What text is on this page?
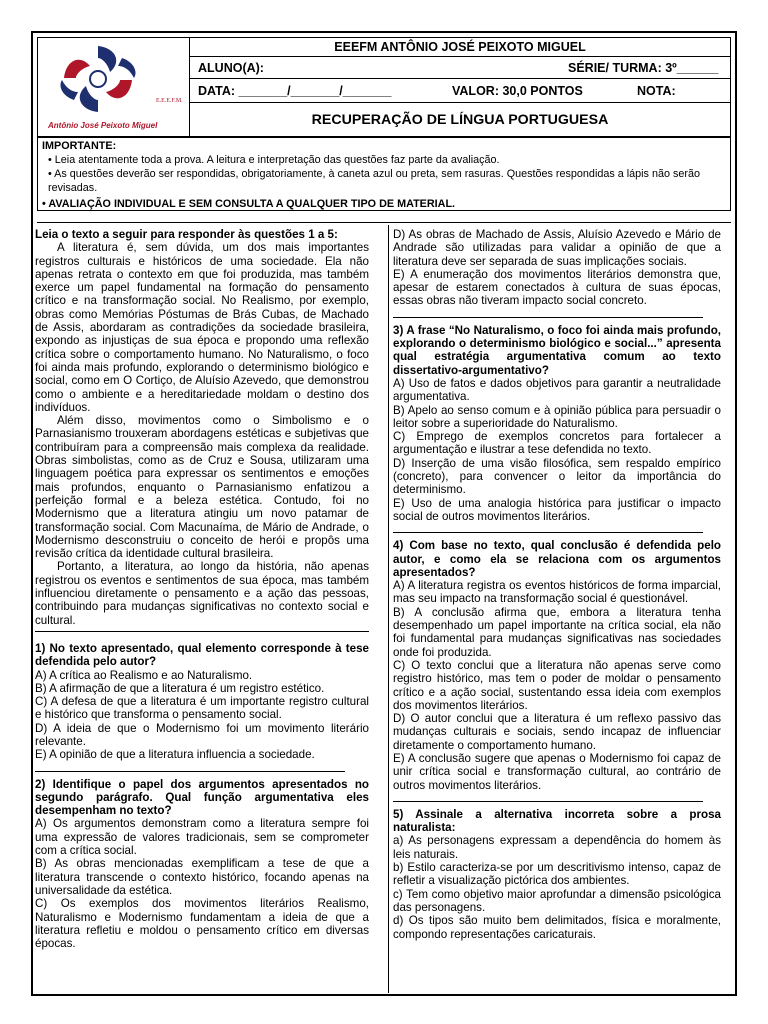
E.E.E.F.M.
Antônio José Peixoto Miguel
EEEFM ANTÔNIO JOSÉ PEIXOTO MIGUEL
ALUNO(A):	SÉRIE/ TURMA: 3º______
DATA: _______/_______/_______	VALOR: 30,0 PONTOS	NOTA:
RECUPERAÇÃO DE LÍNGUA PORTUGUESA

IMPORTANTE:

• Leia atentamente toda a prova. A leitura e interpretação das questões faz parte da avaliação.

• As questões deverão ser respondidas, obrigatoriamente, à caneta azul ou preta, sem rasuras. Questões respondidas a lápis não serão revisadas.

• AVALIAÇÃO INDIVIDUAL E SEM CONSULTA A QUALQUER TIPO DE MATERIAL.

Leia o texto a seguir para responder às questões 1 a 5:

A literatura é, sem dúvida, um dos mais importantes registros culturais e históricos de uma sociedade. Ela não apenas retrata o contexto em que foi produzida, mas também exerce um papel fundamental na formação do pensamento crítico e na transformação social. No Realismo, por exemplo, obras como Memórias Póstumas de Brás Cubas, de Machado de Assis, abordaram as contradições da sociedade brasileira, expondo as injustiças de sua época e propondo uma reflexão crítica sobre o comportamento humano. No Naturalismo, o foco foi ainda mais profundo, explorando o determinismo biológico e social, como em O Cortiço, de Aluísio Azevedo, que demonstrou como o ambiente e a hereditariedade moldam o destino dos indivíduos.

Além disso, movimentos como o Simbolismo e o Parnasianismo trouxeram abordagens estéticas e subjetivas que contribuíram para a compreensão mais complexa da realidade. Obras simbolistas, como as de Cruz e Sousa, utilizaram uma linguagem poética para expressar os sentimentos e emoções mais profundos, enquanto o Parnasianismo enfatizou a perfeição formal e a beleza estética. Contudo, foi no Modernismo que a literatura atingiu um novo patamar de transformação social. Com Macunaíma, de Mário de Andrade, o Modernismo desconstruiu o conceito de herói e propôs uma revisão crítica da identidade cultural brasileira.

Portanto, a literatura, ao longo da história, não apenas registrou os eventos e sentimentos de sua época, mas também influenciou diretamente o pensamento e a ação das pessoas, contribuindo para mudanças significativas no contexto social e cultural.

1) No texto apresentado, qual elemento corresponde à tese defendida pelo autor?

A) A crítica ao Realismo e ao Naturalismo.

B) A afirmação de que a literatura é um registro estético.

C) A defesa de que a literatura é um importante registro cultural e histórico que transforma o pensamento social.

D) A ideia de que o Modernismo foi um movimento literário relevante.

E) A opinião de que a literatura influencia a sociedade.

2) Identifique o papel dos argumentos apresentados no segundo parágrafo. Qual função argumentativa eles desempenham no texto?

A) Os argumentos demonstram como a literatura sempre foi uma expressão de valores tradicionais, sem se comprometer com a crítica social.

B) As obras mencionadas exemplificam a tese de que a literatura transcende o contexto histórico, focando apenas na universalidade da estética.

C) Os exemplos dos movimentos literários Realismo, Naturalismo e Modernismo fundamentam a ideia de que a literatura refletiu e moldou o pensamento crítico em diversas épocas.

D) As obras de Machado de Assis, Aluísio Azevedo e Mário de Andrade são utilizadas para validar a opinião de que a literatura deve ser separada de suas implicações sociais.

E) A enumeração dos movimentos literários demonstra que, apesar de estarem conectados à cultura de suas épocas, essas obras não tiveram impacto social concreto.

3) A frase “No Naturalismo, o foco foi ainda mais profundo, explorando o determinismo biológico e social...” apresenta qual estratégia argumentativa comum ao texto dissertativo-argumentativo?

A) Uso de fatos e dados objetivos para garantir a neutralidade argumentativa.

B) Apelo ao senso comum e à opinião pública para persuadir o leitor sobre a superioridade do Naturalismo.

C) Emprego de exemplos concretos para fortalecer a argumentação e ilustrar a tese defendida no texto.

D) Inserção de uma visão filosófica, sem respaldo empírico (concreto), para convencer o leitor da importância do determinismo.

E) Uso de uma analogia histórica para justificar o impacto social de outros movimentos literários.

4) Com base no texto, qual conclusão é defendida pelo autor, e como ela se relaciona com os argumentos apresentados?

A) A literatura registra os eventos históricos de forma imparcial, mas seu impacto na transformação social é questionável.

B) A conclusão afirma que, embora a literatura tenha desempenhado um papel importante na crítica social, ela não foi fundamental para mudanças significativas nas sociedades onde foi produzida.

C) O texto conclui que a literatura não apenas serve como registro histórico, mas tem o poder de moldar o pensamento crítico e a ação social, sustentando essa ideia com exemplos dos movimentos literários.

D) O autor conclui que a literatura é um reflexo passivo das mudanças culturais e sociais, sendo incapaz de influenciar diretamente o comportamento humano.

E) A conclusão sugere que apenas o Modernismo foi capaz de unir crítica social e transformação cultural, ao contrário de outros movimentos literários.

5) Assinale a alternativa incorreta sobre a prosa naturalista:

a) As personagens expressam a dependência do homem às leis naturais.

b) Estilo caracteriza-se por um descritivismo intenso, capaz de refletir a visualização pictórica dos ambientes.

c) Tem como objetivo maior aprofundar a dimensão psicológica das personagens.

d) Os tipos são muito bem delimitados, física e moralmente, compondo representações caricaturais.
